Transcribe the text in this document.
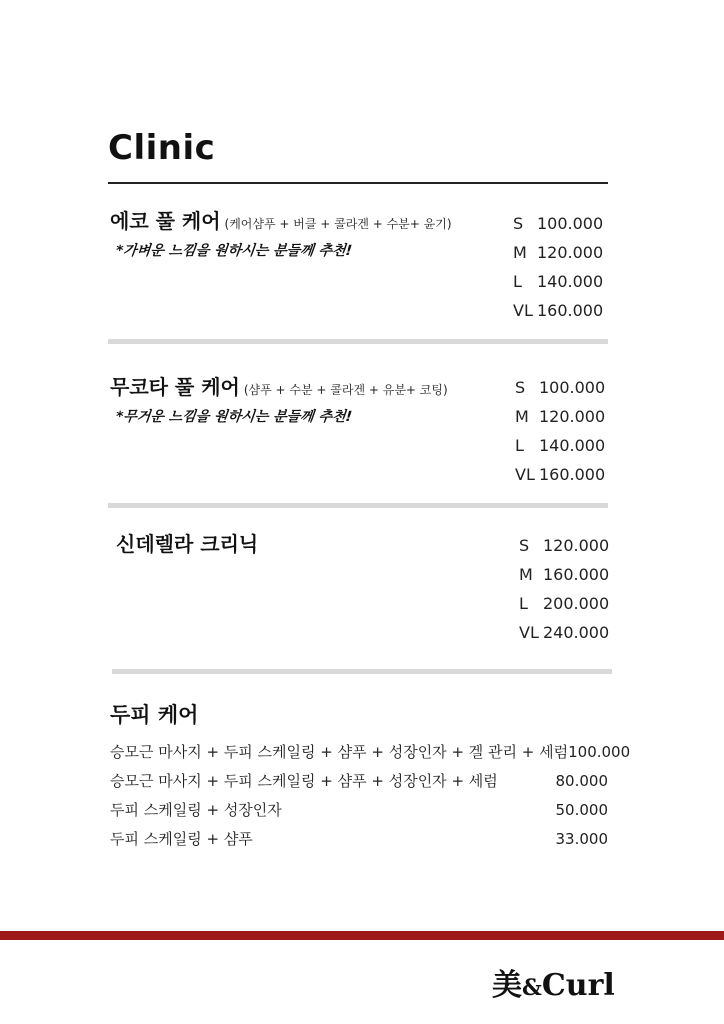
Clinic
에코 풀 케어 (케어샴푸 + 버클 + 콜라겐 + 수분+ 윤기)
*가벼운 느낌을 원하시는 분들께 추천!
S 100.000
M 120.000
L 140.000
VL 160.000
무코타 풀 케어 (샴푸 + 수분 + 콜라겐 + 유분+ 코팅)
*무거운 느낌을 원하시는 분들께 추천!
S 100.000
M 120.000
L 140.000
VL 160.000
신데렐라 크리닉	S 120.000
M 160.000
L 200.000
VL 240.000
두피 케어
승모근 마사지 + 두피 스케일링 + 샴푸 + 성장인자 + 겔 관리 + 세럼 100.000
승모근 마사지 + 두피 스케일링 + 샴푸 + 성장인자 + 세럼	80.000
두피 스케일링 + 성장인자	50.000
두피 스케일링 + 샴푸	33.000
美&Curl
